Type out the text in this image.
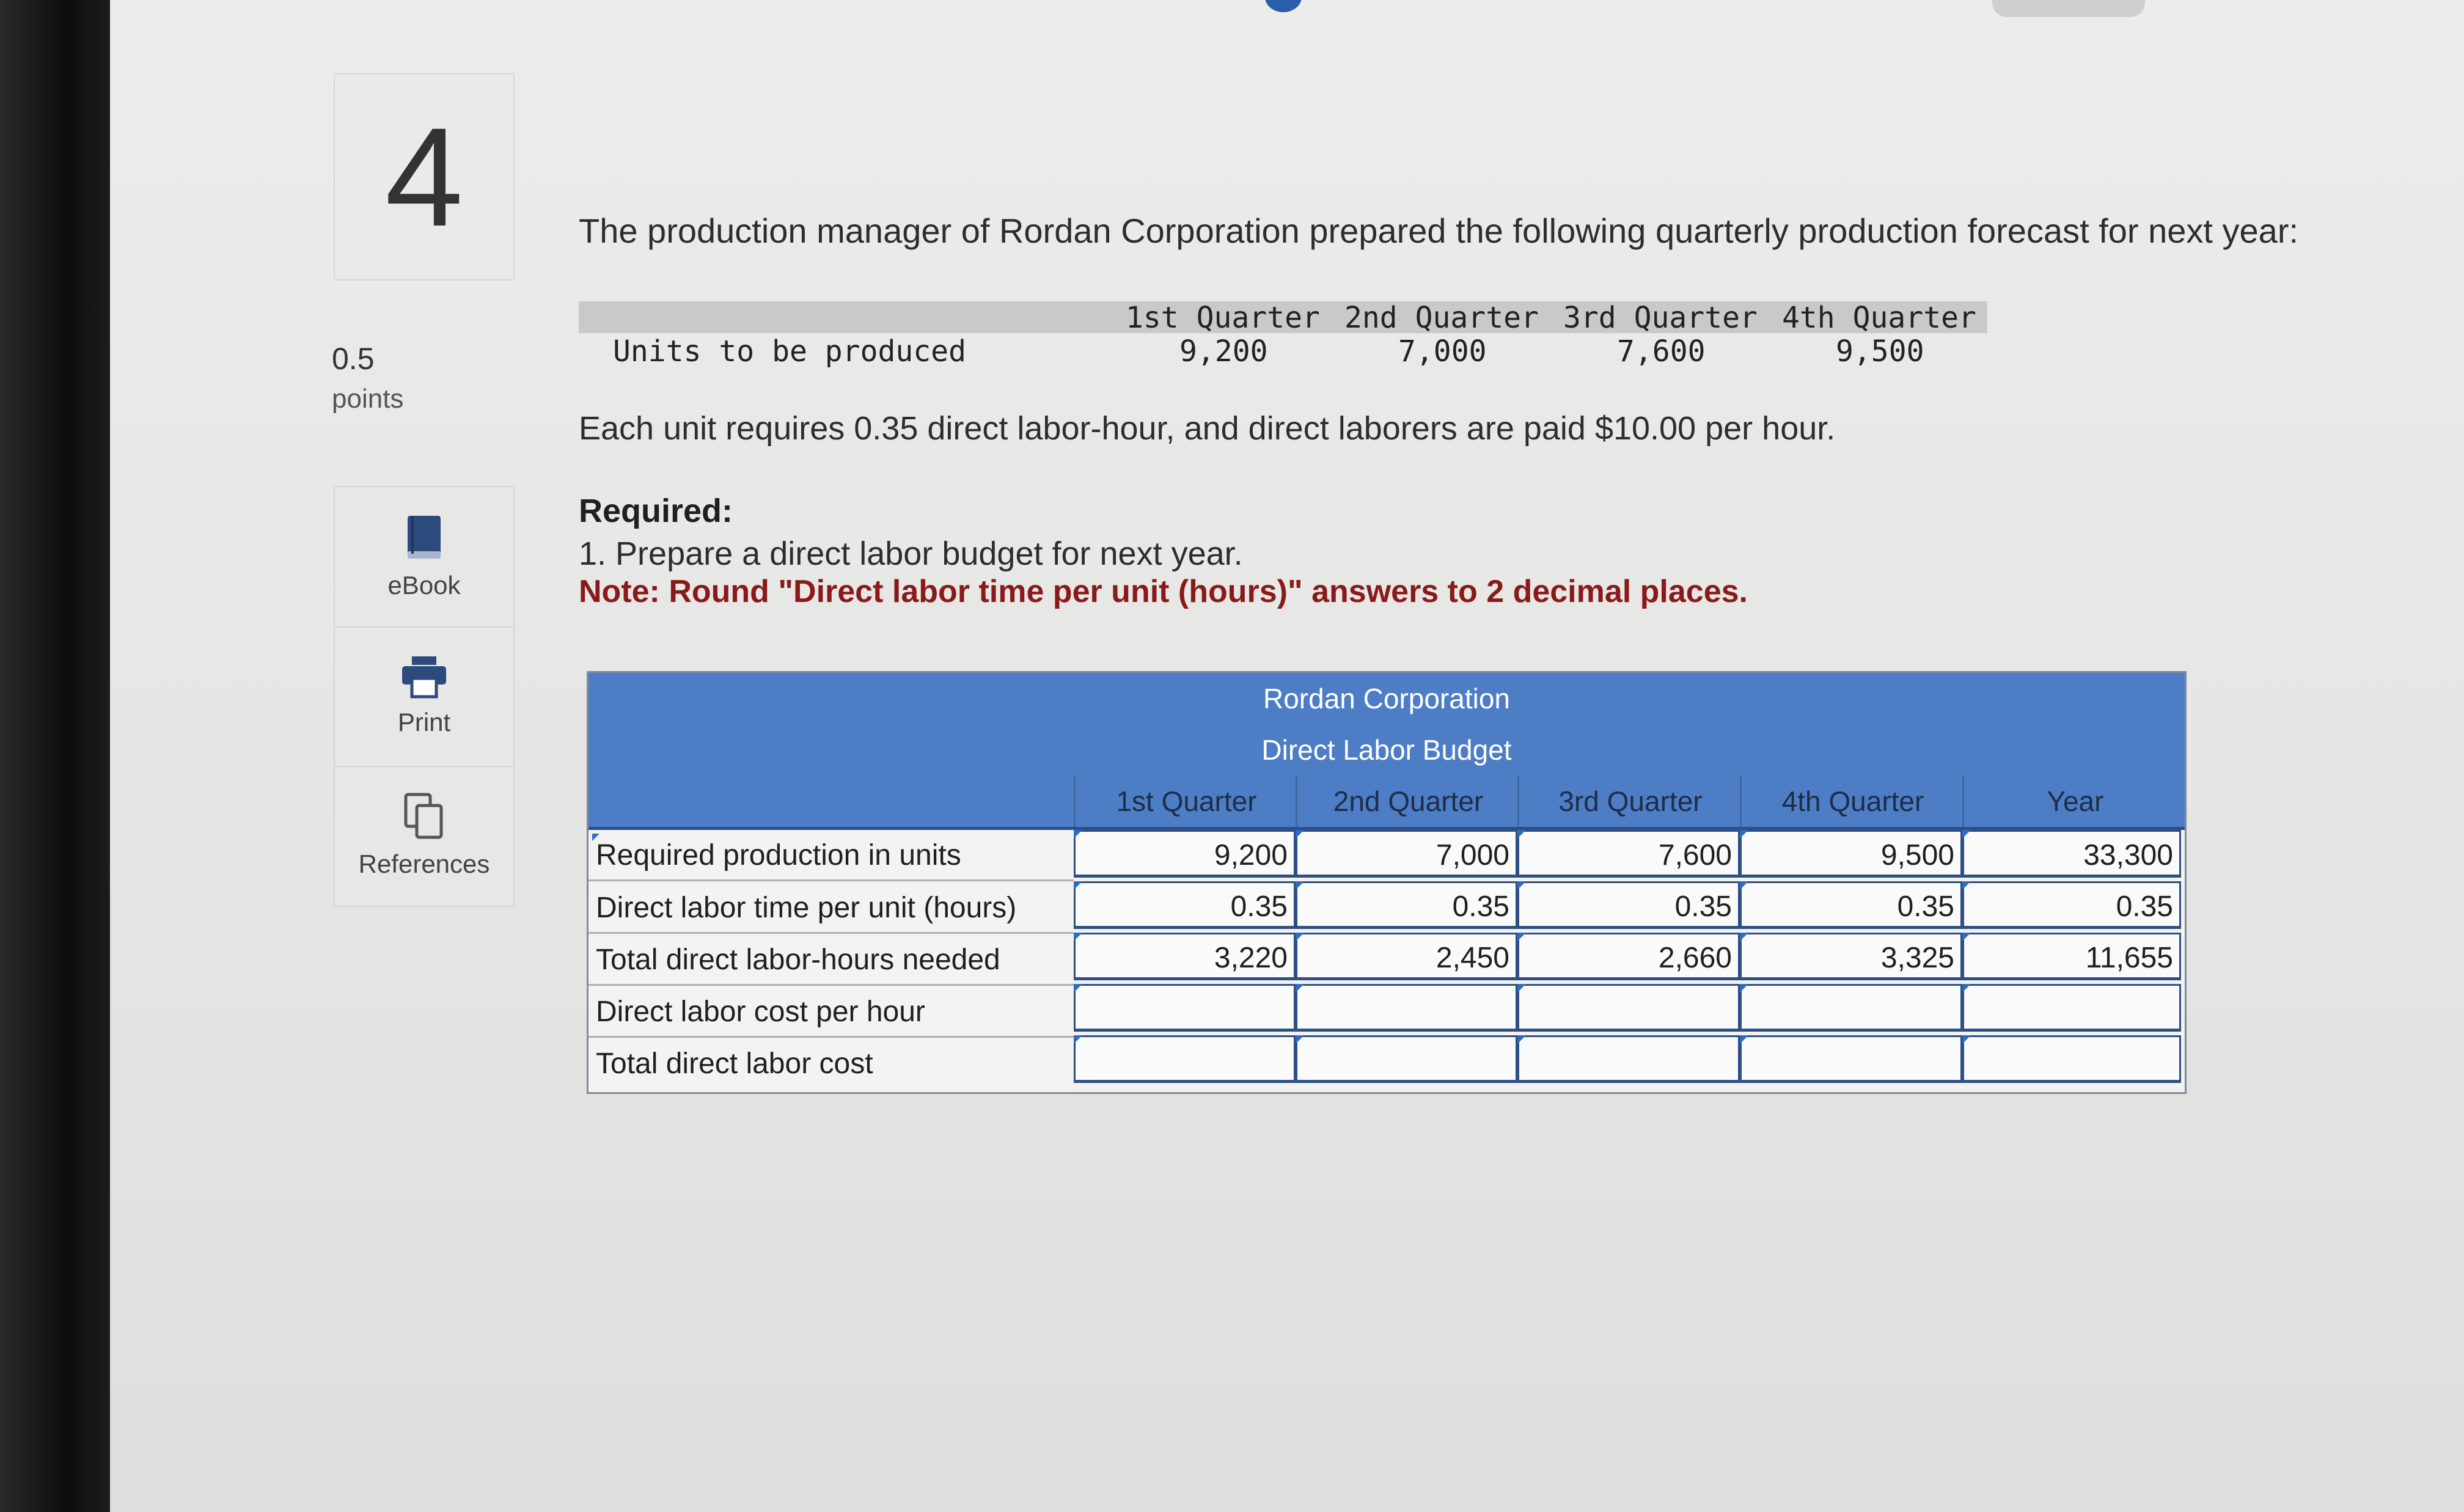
4
0.5
points
eBook
Print
References
The production manager of Rordan Corporation prepared the following quarterly production forecast for next year:
1st Quarter 2nd Quarter 3rd Quarter 4th Quarter
Units to be produced	9,200	7,000	7,600	9,500
Each unit requires 0.35 direct labor-hour, and direct laborers are paid $10.00 per hour.
Required:
1. Prepare a direct labor budget for next year.
Note: Round "Direct labor time per unit (hours)" answers to 2 decimal places.
Rordan Corporation
Direct Labor Budget
1st Quarter	2nd Quarter	3rd Quarter	4th Quarter	Year
Required production in units	9,200	7,000	7,600	9,500	33,300
Direct labor time per unit (hours)	0.35	0.35	0.35	0.35	0.35
Total direct labor-hours needed	3,220	2,450	2,660	3,325	11,655
Direct labor cost per hour
Total direct labor cost
